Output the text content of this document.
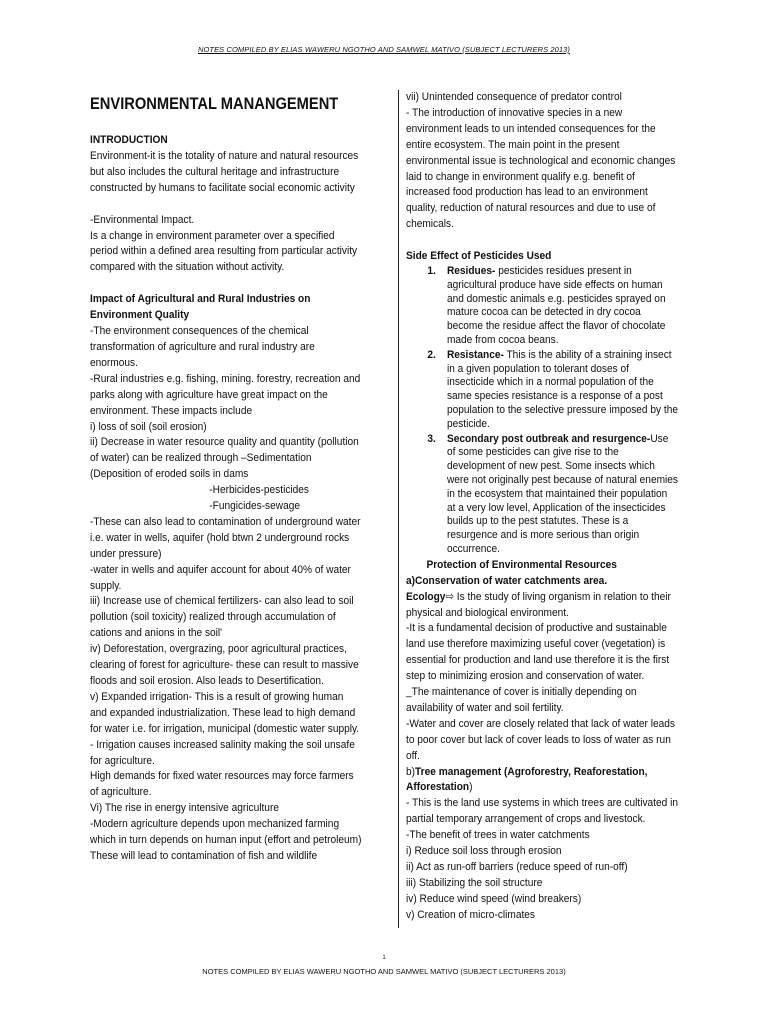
NOTES COMPILED BY ELIAS WAWERU NGOTHO AND SAMWEL MATIVO (SUBJECT LECTURERS 2013)

ENVIRONMENTAL MANANGEMENT

INTRODUCTION

Environment-it is the totality of nature and natural resources but also includes the cultural heritage and infrastructure constructed by humans to facilitate social economic activity

-Environmental Impact.

Is a change in environment parameter over a specified period within a defined area resulting from particular activity compared with the situation without activity.

Impact of Agricultural and Rural Industries on Environment Quality

-The environment consequences of the chemical transformation of agriculture and rural industry are enormous.

-Rural industries e.g. fishing, mining. forestry, recreation and parks along with agriculture have great impact on the environment. These impacts include

i) loss of soil (soil erosion)

ii) Decrease in water resource quality and quantity (pollution of water) can be realized through –Sedimentation (Deposition of eroded soils in dams

-Herbicides-pesticides

-Fungicides-sewage

-These can also lead to contamination of underground water i.e. water in wells, aquifer (hold btwn 2 underground rocks under pressure)

-water in wells and aquifer account for about 40% of water supply.

iii) Increase use of chemical fertilizers- can also lead to soil pollution (soil toxicity) realized through accumulation of cations and anions in the soil'

iv) Deforestation, overgrazing, poor agricultural practices, clearing of forest for agriculture- these can result to massive floods and soil erosion. Also leads to Desertification.

v) Expanded irrigation- This is a result of growing human and expanded industrialization. These lead to high demand for water i.e. for irrigation, municipal (domestic water supply.

- Irrigation causes increased salinity making the soil unsafe for agriculture.

High demands for fixed water resources may force farmers of agriculture.

Vi) The rise in energy intensive agriculture

-Modern agriculture depends upon mechanized farming which in turn depends on human input (effort and petroleum)

These will lead to contamination of fish and wildlife

vii) Unintended consequence of predator control

- The introduction of innovative species in a new environment leads to un intended consequences for the entire ecosystem. The main point in the present environmental issue is technological and economic changes laid to change in environment qualify e.g. benefit of increased food production has lead to an environment quality, reduction of natural resources and due to use of chemicals.

Side Effect of Pesticides Used

1. Residues- pesticides residues present in agricultural produce have side effects on human and domestic animals e.g. pesticides sprayed on mature cocoa can be detected in dry cocoa become the residue affect the flavor of chocolate made from cocoa beans.
2. Resistance- This is the ability of a straining insect in a given population to tolerant doses of insecticide which in a normal population of the same species resistance is a response of a post population to the selective pressure imposed by the pesticide.
3. Secondary post outbreak and resurgence-Use of some pesticides can give rise to the development of new pest. Some insects which were not originally pest because of natural enemies in the ecosystem that maintained their population at a very low level, Application of the insecticides builds up to the pest statutes. These is a resurgence and is more serious than origin occurrence.

Protection of Environmental Resources

a)Conservation of water catchments area.

Ecology⇨ Is the study of living organism in relation to their physical and biological environment.

-It is a fundamental decision of productive and sustainable land use therefore maximizing useful cover (vegetation) is essential for production and land use therefore it is the first step to minimizing erosion and conservation of water.

_The maintenance of cover is initially depending on availability of water and soil fertility.

-Water and cover are closely related that lack of water leads to poor cover but lack of cover leads to loss of water as run off.

b)Tree management (Agroforestry, Reaforestation, Afforestation)

- This is the land use systems in which trees are cultivated in partial temporary arrangement of crops and livestock.

-The benefit of trees in water catchments

i) Reduce soil loss through erosion

ii) Act as run-off barriers (reduce speed of run-off)

iii) Stabilizing the soil structure

iv) Reduce wind speed (wind breakers)

v) Creation of micro-climates

1
NOTES COMPILED BY ELIAS WAWERU NGOTHO AND SAMWEL MATIVO (SUBJECT LECTURERS 2013)
